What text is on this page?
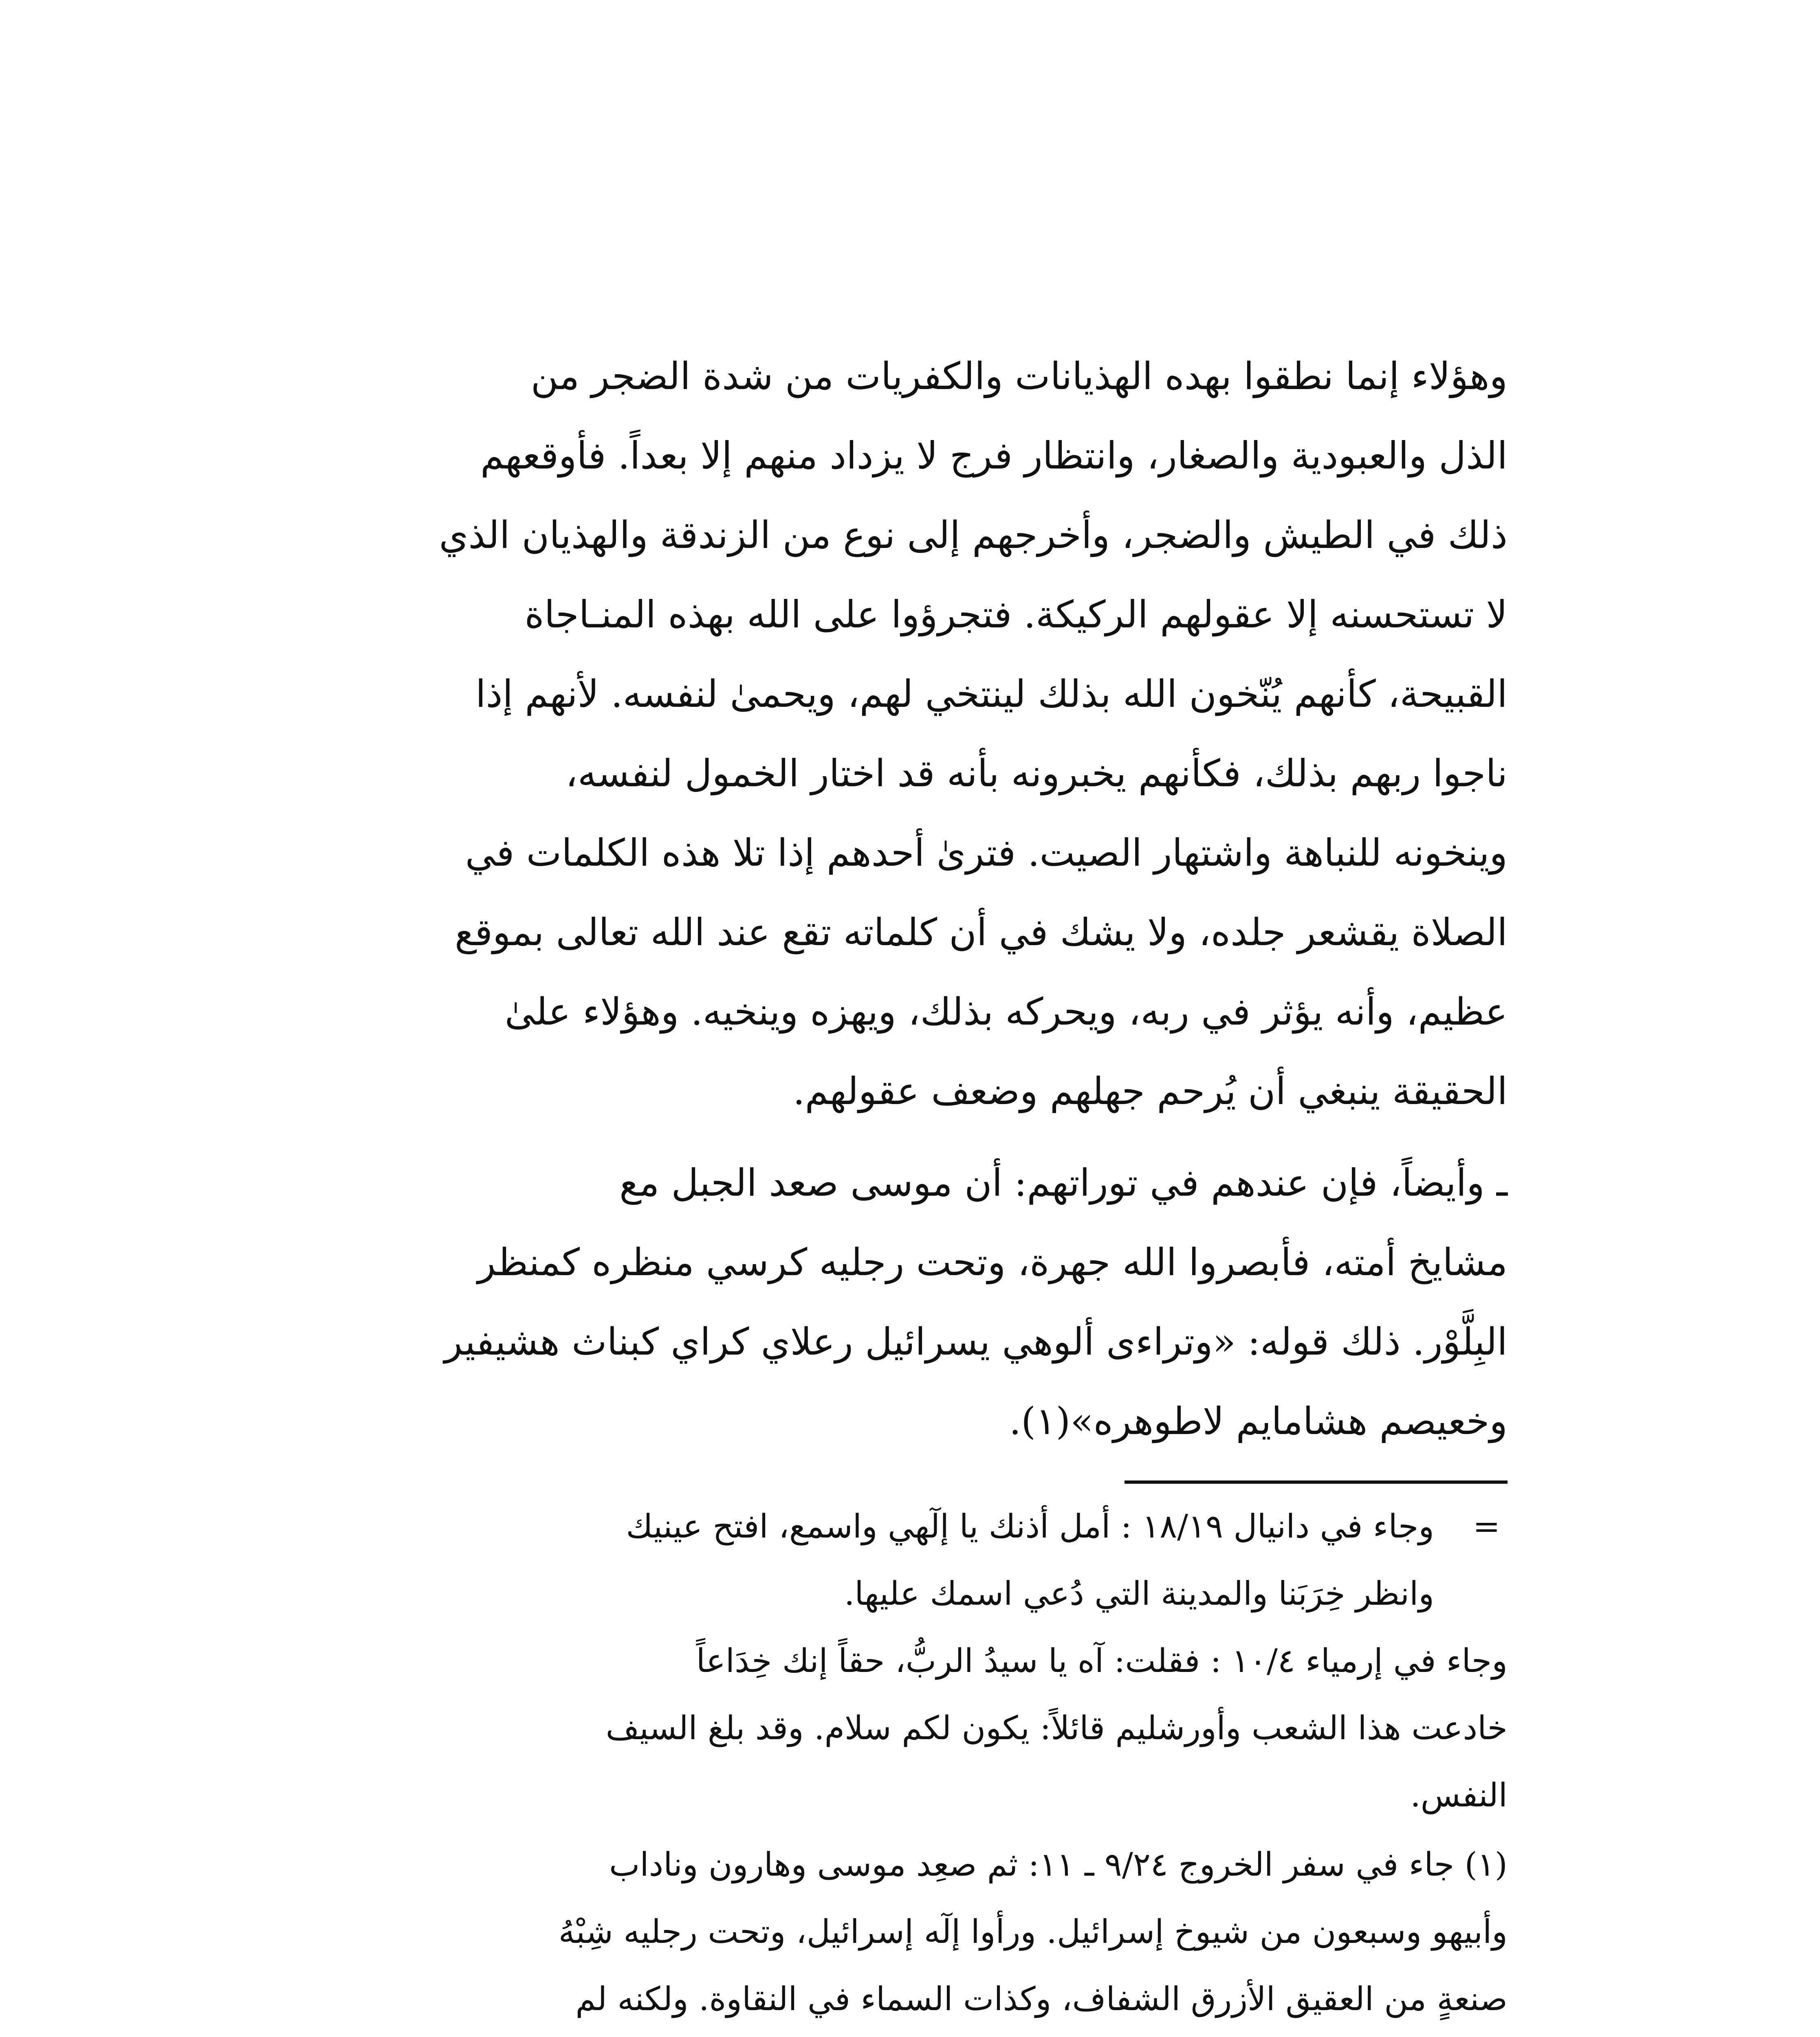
وهؤلاء إنما نطقوا بهده الهذيانات والكفريات من شدة الضجر من
الذل والعبودية والصغار، وانتظار فرج لا يزداد منهم إلا بعداً. فأوقعهم
ذلك في الطيش والضجر، وأخرجهم إلى نوع من الزندقة والهذيان الذي
لا تستحسنه إلا عقولهم الركيكة. فتجرؤوا على الله بهذه المنـاجاة
القبيحة، كأنهم يُنّخون الله بذلك لينتخي لهم، ويحمىٰ لنفسه. لأنهم إذا
ناجوا ربهم بذلك، فكأنهم يخبرونه بأنه قد اختار الخمول لنفسه،
وينخونه للنباهة واشتهار الصيت. فترىٰ أحدهم إذا تلا هذه الكلمات في
الصلاة يقشعر جلده، ولا يشك في أن كلماته تقع عند الله تعالى بموقع
عظيم، وأنه يؤثر في ربه، ويحركه بذلك، ويهزه وينخيه. وهؤلاء علىٰ
الحقيقة ينبغي أن يُرحم جهلهم وضعف عقولهم.
ـ وأيضاً، فإن عندهم في توراتهم: أن موسى صعد الجبل مع
مشايخ أمته، فأبصروا الله جهرة، وتحت رجليه كرسي منظره كمنظر
البِلَّوْر. ذلك قوله: «وتراءى ألوهي يسرائيل رعلاي كراي كبناث هشيفير
وخعيصم هشامايم لاطوهره»(١).
=
وجاء في دانيال ١٨/١٩ : أمل أذنك يا إلٓهي واسمع، افتح عينيك
وانظر خِرَبَنا والمدينة التي دُعي اسمك عليها.
وجاء في إرمياء ١٠/٤ : فقلت: آه يا سيدُ الربُّ، حقاً إنك خِدَاعاً
خادعت هذا الشعب وأورشليم قائلاً: يكون لكم سلام. وقد بلغ السيف
النفس.
(١) جاء في سفر الخروج ٩/٢٤ ـ ١١: ثم صعِد موسى وهارون وناداب
وأبيهو وسبعون من شيوخ إسرائيل. ورأوا إلٓه إسرائيل، وتحت رجليه شِبْهُ
صنعةٍ من العقيق الأزرق الشفاف، وكذات السماء في النقاوة. ولكنه لم
